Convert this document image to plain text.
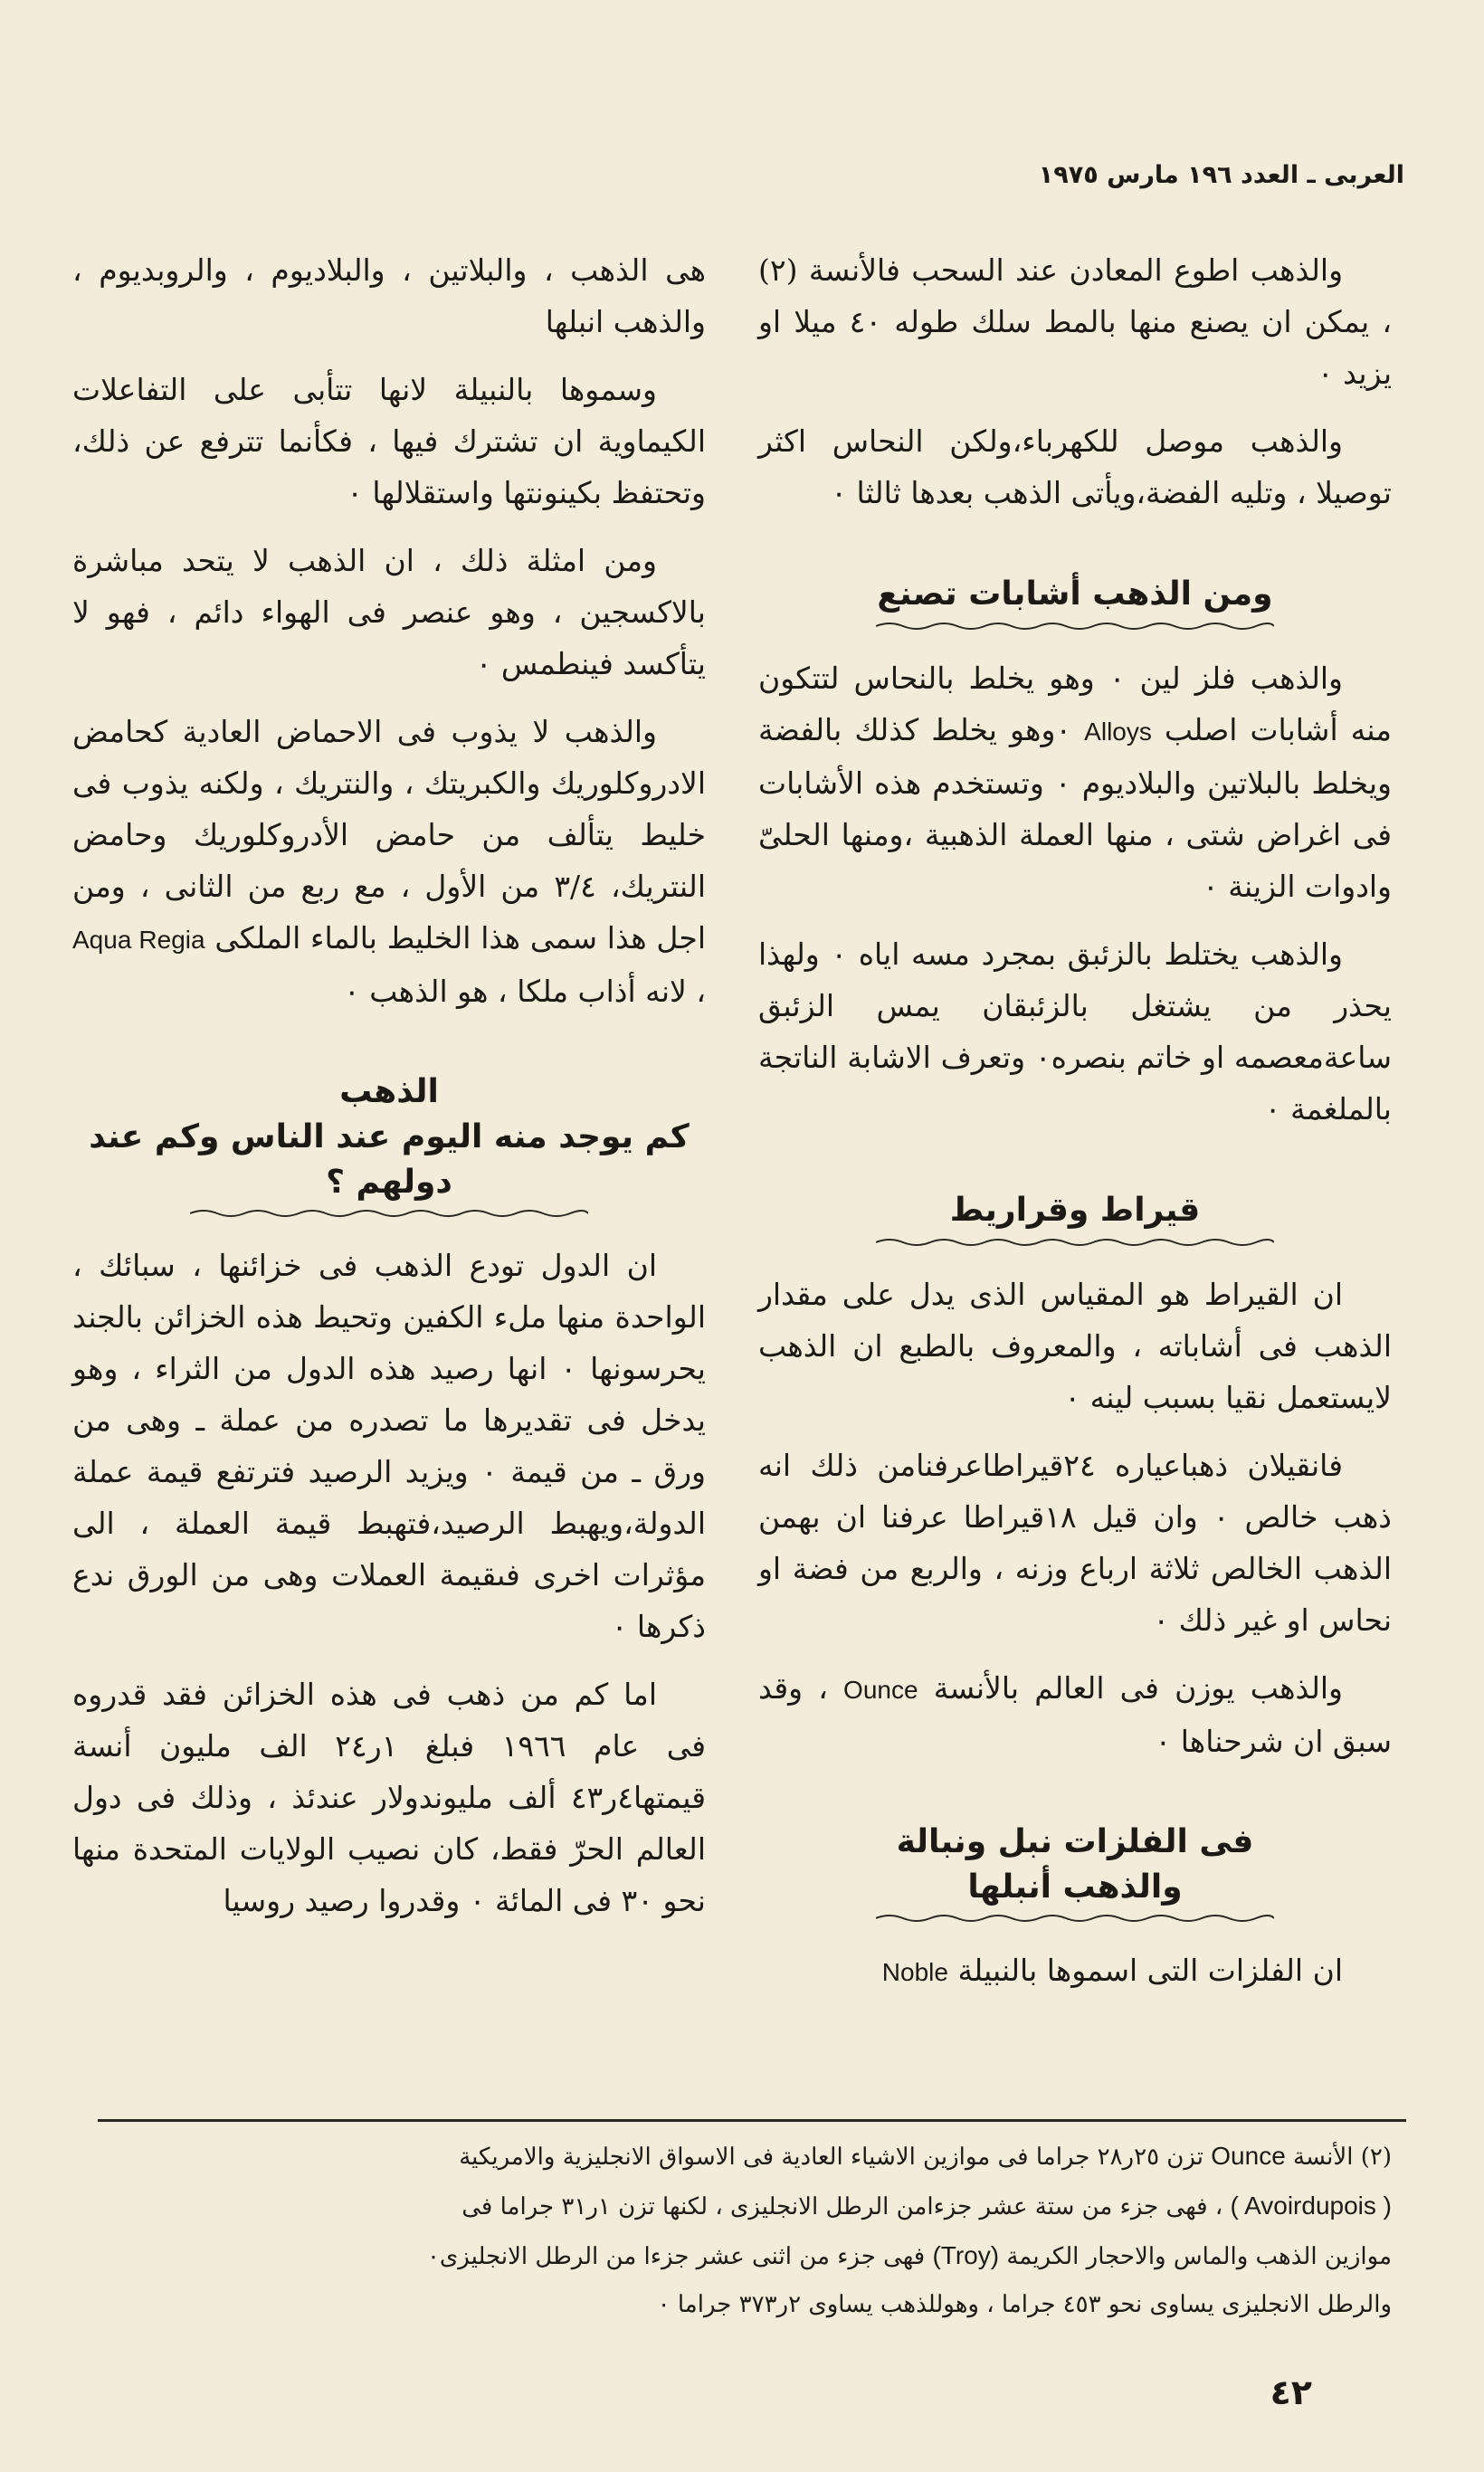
العربى ـ العدد ١٩٦ مارس ١٩٧٥

والذهب اطوع المعادن عند السحب فالأنسة (٢) ، يمكن ان يصنع منها بالمط سلك طوله ٤٠ ميلا او يزيد ٠

والذهب موصل للكهرباء،ولكن النحاس اكثر توصيلا ، وتليه الفضة،ويأتى الذهب بعدها ثالثا ٠

ومن الذهب أشابات تصنع

والذهب فلز لين ٠ وهو يخلط بالنحاس لتتكون منه أشابات اصلب Alloys ٠وهو يخلط كذلك بالفضة ويخلط بالبلاتين والبلاديوم ٠ وتستخدم هذه الأشابات فى اغراض شتى ، منها العملة الذهبية ،ومنها الحلىّ وادوات الزينة ٠

والذهب يختلط بالزئبق بمجرد مسه اياه ٠ ولهذا يحذر من يشتغل بالزئبقان يمس الزئبق ساعةمعصمه او خاتم بنصره٠ وتعرف الاشابة الناتجة بالملغمة ٠

قيراط وقراريط

ان القيراط هو المقياس الذى يدل على مقدار الذهب فى أشاباته ، والمعروف بالطبع ان الذهب لايستعمل نقيا بسبب لينه ٠

فانقيلان ذهباعياره ٢٤قيراطاعرفنامن ذلك انه ذهب خالص ٠ وان قيل ١٨قيراطا عرفنا ان بهمن الذهب الخالص ثلاثة ارباع وزنه ، والربع من فضة او نحاس او غير ذلك ٠

والذهب يوزن فى العالم بالأنسة Ounce ، وقد سبق ان شرحناها ٠

فى الفلزات نبل ونبالة
والذهب أنبلها

ان الفلزات التى اسموها بالنبيلة Noble

هى الذهب ، والبلاتين ، والبلاديوم ، والروبديوم ، والذهب انبلها

وسموها بالنبيلة لانها تتأبى على التفاعلات الكيماوية ان تشترك فيها ، فكأنما تترفع عن ذلك، وتحتفظ بكينونتها واستقلالها ٠

ومن امثلة ذلك ، ان الذهب لا يتحد مباشرة بالاكسجين ، وهو عنصر فى الهواء دائم ، فهو لا يتأكسد فينطمس ٠

والذهب لا يذوب فى الاحماض العادية كحامض الادروكلوريك والكبريتك ، والنتريك ، ولكنه يذوب فى خليط يتألف من حامض الأدروكلوريك وحامض النتريك، ٣/٤ من الأول ، مع ربع من الثانى ، ومن اجل هذا سمى هذا الخليط بالماء الملكى Aqua Regia ، لانه أذاب ملكا ، هو الذهب ٠

الذهب
كم يوجد منه اليوم عند الناس وكم عند دولهم ؟

ان الدول تودع الذهب فى خزائنها ، سبائك ، الواحدة منها ملء الكفين وتحيط هذه الخزائن بالجند يحرسونها ٠ انها رصيد هذه الدول من الثراء ، وهو يدخل فى تقديرها ما تصدره من عملة ـ وهى من ورق ـ من قيمة ٠ ويزيد الرصيد فترتفع قيمة عملة الدولة،ويهبط الرصيد،فتهبط قيمة العملة ، الى مؤثرات اخرى فىقيمة العملات وهى من الورق ندع ذكرها ٠

اما كم من ذهب فى هذه الخزائن فقد قدروه فى عام ١٩٦٦ فبلغ ١ر٢٤ الف مليون أنسة قيمتها٤ر٤٣ ألف مليوندولار عندئذ ، وذلك فى دول العالم الحرّ فقط، كان نصيب الولايات المتحدة منها نحو ٣٠ فى المائة ٠ وقدروا رصيد روسيا

(٢) الأنسة Ounce تزن ٢٥ر٢٨ جراما فى موازين الاشياء العادية فى الاسواق الانجليزية والامريكية
( Avoirdupois ) ، فهى جزء من ستة عشر جزءامن الرطل الانجليزى ، لكنها تزن ١ر٣١ جراما فى
موازين الذهب والماس والاحجار الكريمة (Troy) فهى جزء من اثنى عشر جزءا من الرطل الانجليزى٠
والرطل الانجليزى يساوى نحو ٤٥٣ جراما ، وهوللذهب يساوى ٢ر٣٧٣ جراما ٠
٤٢
